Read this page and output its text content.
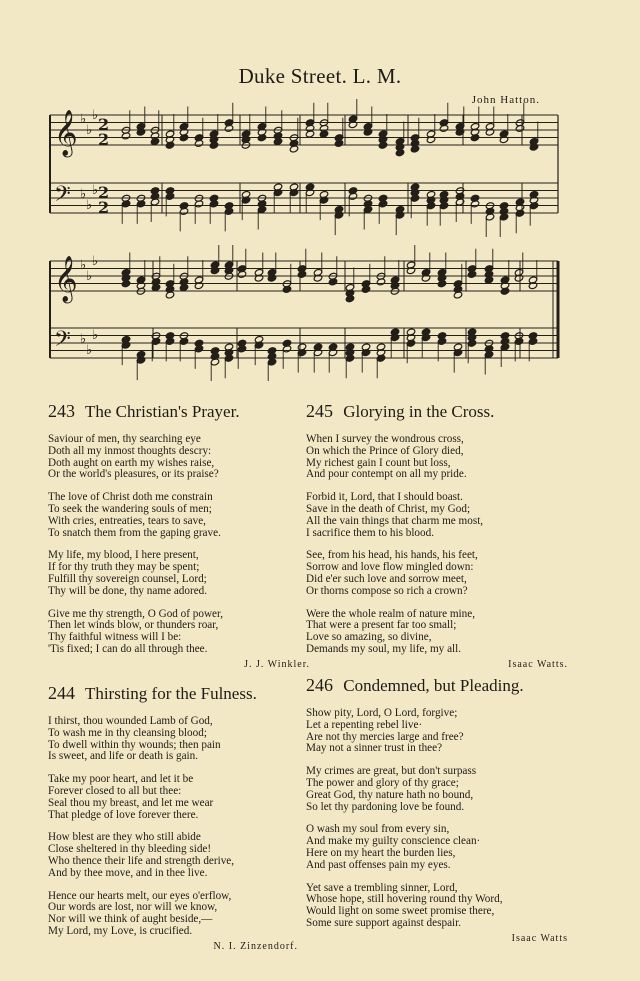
Duke Street. L. M.
John Hatton.
𝄞 ♭
♭
♭
𝄢 ♭
♭
♭
𝄞 ♭
♭
♭
𝄢 ♭
♭
♭
2
2
2
2
243 The Christian's Prayer.
Saviour of men, thy searching eye
Doth all my inmost thoughts descry:
Doth aught on earth my wishes raise,
Or the world's pleasures, or its praise?
The love of Christ doth me constrain
To seek the wandering souls of men;
With cries, entreaties, tears to save,
To snatch them from the gaping grave.
My life, my blood, I here present,
If for thy truth they may be spent;
Fulfill thy sovereign counsel, Lord;
Thy will be done, thy name adored.
Give me thy strength, O God of power,
Then let winds blow, or thunders roar,
Thy faithful witness will I be:
'Tis fixed; I can do all through thee.
J. J. Winkler.
244 Thirsting for the Fulness.
I thirst, thou wounded Lamb of God,
To wash me in thy cleansing blood;
To dwell within thy wounds; then pain
Is sweet, and life or death is gain.
Take my poor heart, and let it be
Forever closed to all but thee:
Seal thou my breast, and let me wear
That pledge of love forever there.
How blest are they who still abide
Close sheltered in thy bleeding side!
Who thence their life and strength derive,
And by thee move, and in thee live.
Hence our hearts melt, our eyes o'erflow,
Our words are lost, nor will we know,
Nor will we think of aught beside,—
My Lord, my Love, is crucified.
N. I. Zinzendorf.
245 Glorying in the Cross.
When I survey the wondrous cross,
On which the Prince of Glory died,
My richest gain I count but loss,
And pour contempt on all my pride.
Forbid it, Lord, that I should boast.
Save in the death of Christ, my God;
All the vain things that charm me most,
I sacrifice them to his blood.
See, from his head, his hands, his feet,
Sorrow and love flow mingled down:
Did e'er such love and sorrow meet,
Or thorns compose so rich a crown?
Were the whole realm of nature mine,
That were a present far too small;
Love so amazing, so divine,
Demands my soul, my life, my all.
Isaac Watts.
246 Condemned, but Pleading.
Show pity, Lord, O Lord, forgive;
Let a repenting rebel live·
Are not thy mercies large and free?
May not a sinner trust in thee?
My crimes are great, but don't surpass
The power and glory of thy grace;
Great God, thy nature hath no bound,
So let thy pardoning love be found.
O wash my soul from every sin,
And make my guilty conscience clean·
Here on my heart the burden lies,
And past offenses pain my eyes.
Yet save a trembling sinner, Lord,
Whose hope, still hovering round thy Word,
Would light on some sweet promise there,
Some sure support against despair.
Isaac Watts
